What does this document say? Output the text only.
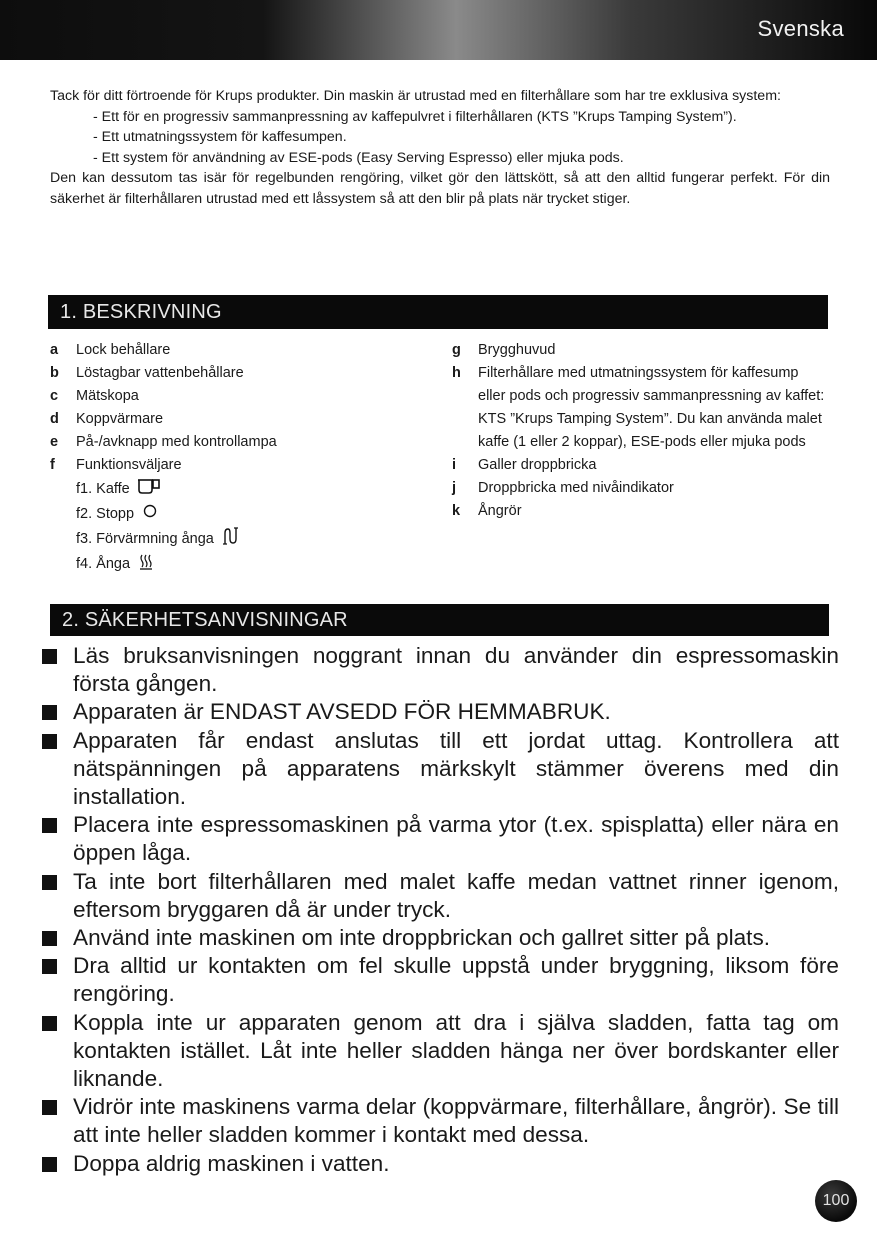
Svenska

Tack för ditt förtroende för Krups produkter. Din maskin är utrustad med en filterhållare som har tre exklusiva system:

- Ett för en progressiv sammanpressning av kaffepulvret i filterhållaren (KTS ”Krups Tamping System”).
- Ett utmatningssystem för kaffesumpen.
- Ett system för användning av ESE-pods (Easy Serving Espresso) eller mjuka pods.

Den kan dessutom tas isär för regelbunden rengöring, vilket gör den lättskött, så att den alltid fungerar perfekt. För din säkerhet är filterhållaren utrustad med ett låssystem så att den blir på plats när trycket stiger.

1. BESKRIVNING
a	Lock behållare
b	Löstagbar vattenbehållare
c	Mätskopa
d	Koppvärmare
e	På-/avknapp med kontrollampa
f	Funktionsväljare
f1. Kaffe
f2. Stopp
f3. Förvärmning ånga
f4. Ånga
g	Brygghuvud
h	Filterhållare med utmatningssystem för kaffesump eller pods och progressiv sammanpressning av kaffet: KTS ”Krups Tamping System”. Du kan använda malet kaffe (1 eller 2 koppar), ESE-pods eller mjuka pods
i	Galler droppbricka
j	Droppbricka med nivåindikator
k	Ångrör
2. SÄKERHETSANVISNINGAR
Läs bruksanvisningen noggrant innan du använder din espressomaskin första gången.
Apparaten är ENDAST AVSEDD FÖR HEMMABRUK.
Apparaten får endast anslutas till ett jordat uttag. Kontrollera att nätspänningen på apparatens märkskylt stämmer överens med din installation.
Placera inte espressomaskinen på varma ytor (t.ex. spisplatta) eller nära en öppen låga.
Ta inte bort filterhållaren med malet kaffe medan vattnet rinner igenom, eftersom bryggaren då är under tryck.
Använd inte maskinen om inte droppbrickan och gallret sitter på plats.
Dra alltid ur kontakten om fel skulle uppstå under bryggning, liksom före rengöring.
Koppla inte ur apparaten genom att dra i själva sladden, fatta tag om kontakten istället. Låt inte heller sladden hänga ner över bordskanter eller liknande.
Vidrör inte maskinens varma delar (koppvärmare, filterhållare, ångrör). Se till att inte heller sladden kommer i kontakt med dessa.
Doppa aldrig maskinen i vatten.
100
